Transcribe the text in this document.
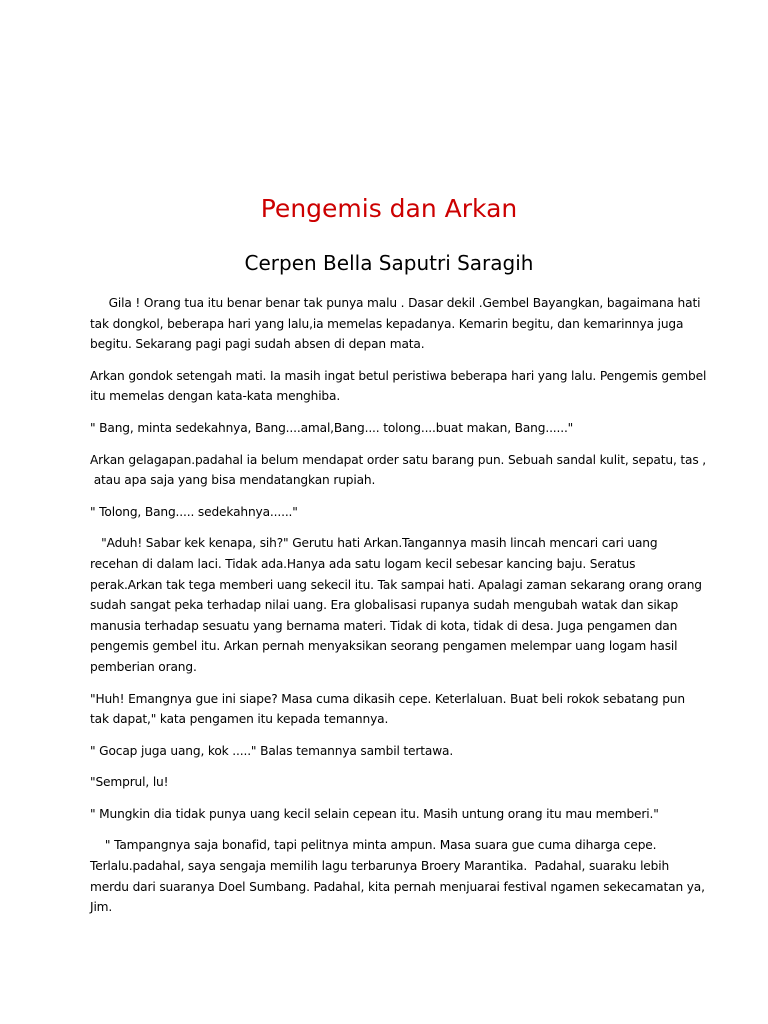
Pengemis dan Arkan
Cerpen Bella Saputri Saragih

Gila ! Orang tua itu benar benar tak punya malu . Dasar dekil .Gembel Bayangkan, bagaimana hati
tak dongkol, beberapa hari yang lalu,ia memelas kepadanya. Kemarin begitu, dan kemarinnya juga
begitu. Sekarang pagi pagi sudah absen di depan mata.

Arkan gondok setengah mati. Ia masih ingat betul peristiwa beberapa hari yang lalu. Pengemis gembel
itu memelas dengan kata-kata menghiba.

" Bang, minta sedekahnya, Bang....amal,Bang.... tolong....buat makan, Bang......"

Arkan gelagapan.padahal ia belum mendapat order satu barang pun. Sebuah sandal kulit, sepatu, tas ,
atau apa saja yang bisa mendatangkan rupiah.

" Tolong, Bang..... sedekahnya......"

"Aduh! Sabar kek kenapa, sih?" Gerutu hati Arkan.Tangannya masih lincah mencari cari uang
recehan di dalam laci. Tidak ada.Hanya ada satu logam kecil sebesar kancing baju. Seratus
perak.Arkan tak tega memberi uang sekecil itu. Tak sampai hati. Apalagi zaman sekarang orang orang
sudah sangat peka terhadap nilai uang. Era globalisasi rupanya sudah mengubah watak dan sikap
manusia terhadap sesuatu yang bernama materi. Tidak di kota, tidak di desa. Juga pengamen dan
pengemis gembel itu. Arkan pernah menyaksikan seorang pengamen melempar uang logam hasil
pemberian orang.

"Huh! Emangnya gue ini siape? Masa cuma dikasih cepe. Keterlaluan. Buat beli rokok sebatang pun
tak dapat," kata pengamen itu kepada temannya.

" Gocap juga uang, kok ....." Balas temannya sambil tertawa.

"Semprul, lu!

" Mungkin dia tidak punya uang kecil selain cepean itu. Masih untung orang itu mau memberi."

" Tampangnya saja bonafid, tapi pelitnya minta ampun. Masa suara gue cuma diharga cepe.
Terlalu.padahal, saya sengaja memilih lagu terbarunya Broery Marantika.  Padahal, suaraku lebih
merdu dari suaranya Doel Sumbang. Padahal, kita pernah menjuarai festival ngamen sekecamatan ya,
Jim.
